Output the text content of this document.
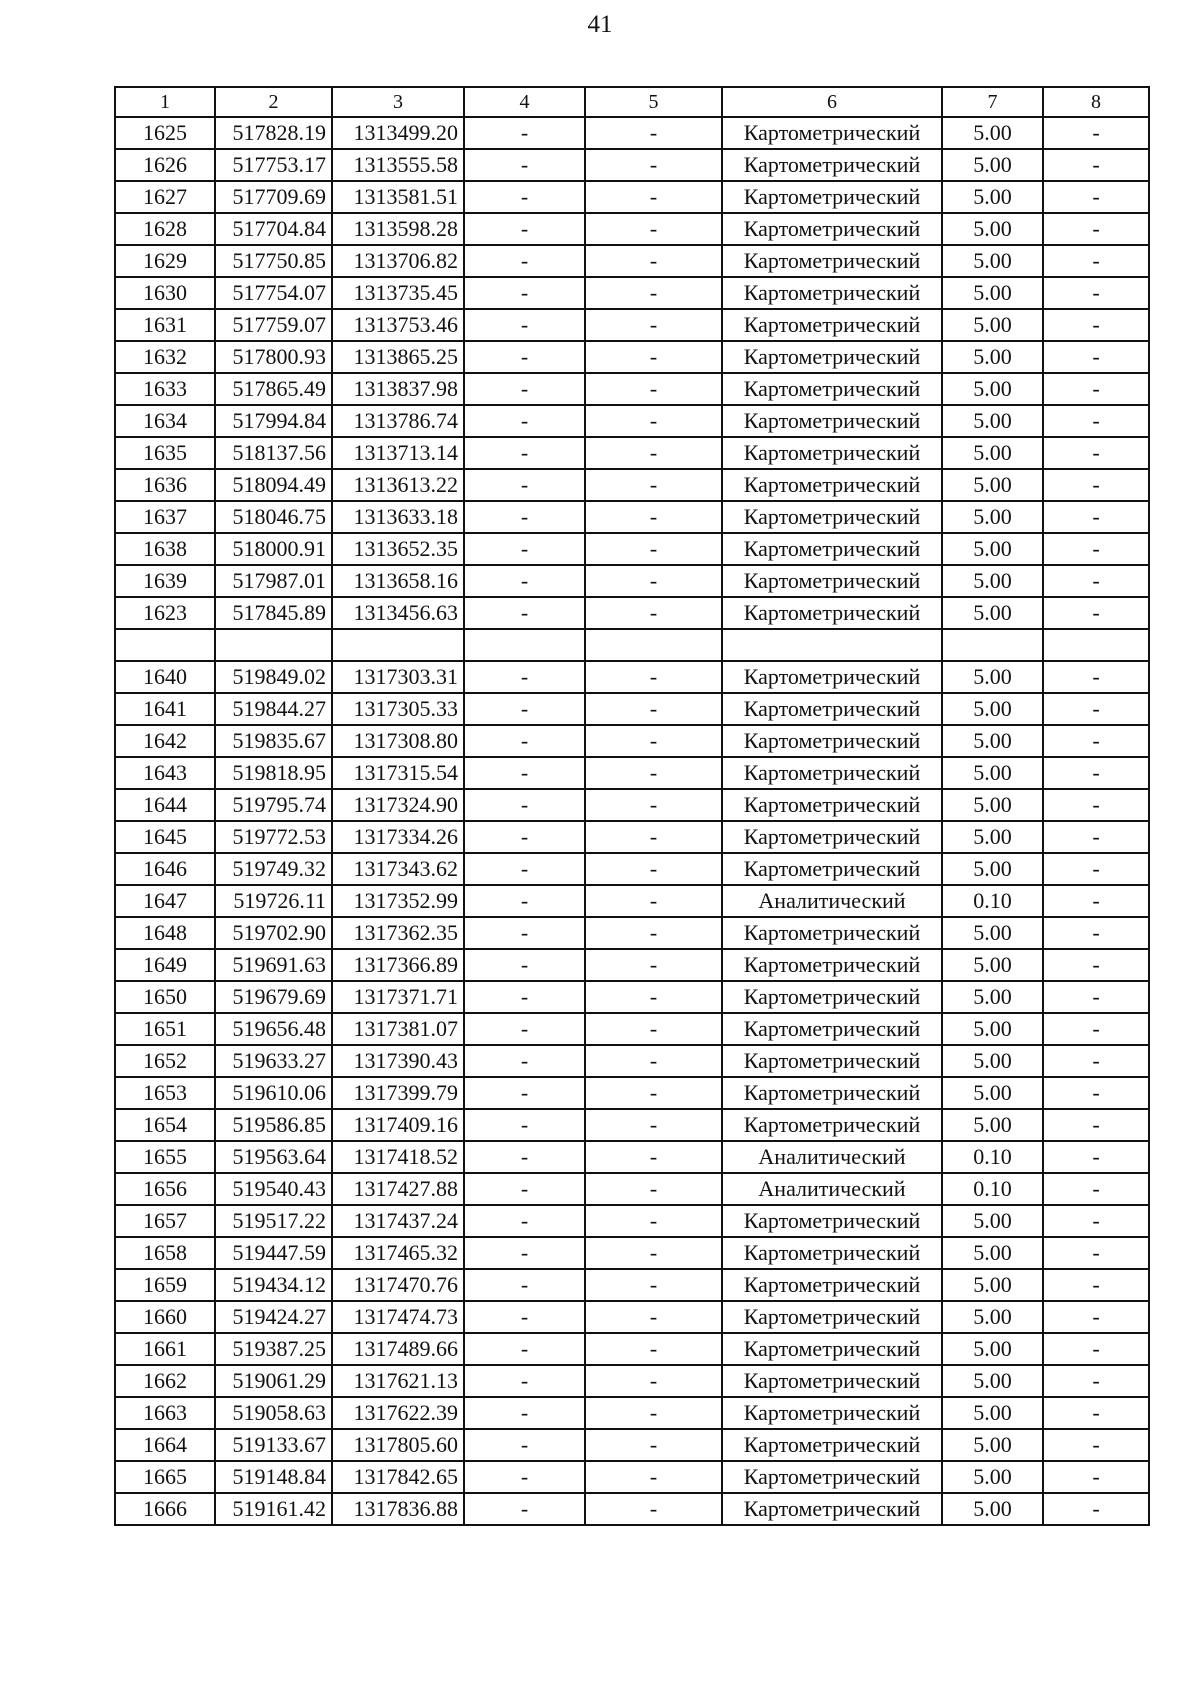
41
1	2	3	4	5	6	7	8
1625	517828.19	1313499.20	-	-	Картометрический	5.00	-
1626	517753.17	1313555.58	-	-	Картометрический	5.00	-
1627	517709.69	1313581.51	-	-	Картометрический	5.00	-
1628	517704.84	1313598.28	-	-	Картометрический	5.00	-
1629	517750.85	1313706.82	-	-	Картометрический	5.00	-
1630	517754.07	1313735.45	-	-	Картометрический	5.00	-
1631	517759.07	1313753.46	-	-	Картометрический	5.00	-
1632	517800.93	1313865.25	-	-	Картометрический	5.00	-
1633	517865.49	1313837.98	-	-	Картометрический	5.00	-
1634	517994.84	1313786.74	-	-	Картометрический	5.00	-
1635	518137.56	1313713.14	-	-	Картометрический	5.00	-
1636	518094.49	1313613.22	-	-	Картометрический	5.00	-
1637	518046.75	1313633.18	-	-	Картометрический	5.00	-
1638	518000.91	1313652.35	-	-	Картометрический	5.00	-
1639	517987.01	1313658.16	-	-	Картометрический	5.00	-
1623	517845.89	1313456.63	-	-	Картометрический	5.00	-

1640	519849.02	1317303.31	-	-	Картометрический	5.00	-
1641	519844.27	1317305.33	-	-	Картометрический	5.00	-
1642	519835.67	1317308.80	-	-	Картометрический	5.00	-
1643	519818.95	1317315.54	-	-	Картометрический	5.00	-
1644	519795.74	1317324.90	-	-	Картометрический	5.00	-
1645	519772.53	1317334.26	-	-	Картометрический	5.00	-
1646	519749.32	1317343.62	-	-	Картометрический	5.00	-
1647	519726.11	1317352.99	-	-	Аналитический	0.10	-
1648	519702.90	1317362.35	-	-	Картометрический	5.00	-
1649	519691.63	1317366.89	-	-	Картометрический	5.00	-
1650	519679.69	1317371.71	-	-	Картометрический	5.00	-
1651	519656.48	1317381.07	-	-	Картометрический	5.00	-
1652	519633.27	1317390.43	-	-	Картометрический	5.00	-
1653	519610.06	1317399.79	-	-	Картометрический	5.00	-
1654	519586.85	1317409.16	-	-	Картометрический	5.00	-
1655	519563.64	1317418.52	-	-	Аналитический	0.10	-
1656	519540.43	1317427.88	-	-	Аналитический	0.10	-
1657	519517.22	1317437.24	-	-	Картометрический	5.00	-
1658	519447.59	1317465.32	-	-	Картометрический	5.00	-
1659	519434.12	1317470.76	-	-	Картометрический	5.00	-
1660	519424.27	1317474.73	-	-	Картометрический	5.00	-
1661	519387.25	1317489.66	-	-	Картометрический	5.00	-
1662	519061.29	1317621.13	-	-	Картометрический	5.00	-
1663	519058.63	1317622.39	-	-	Картометрический	5.00	-
1664	519133.67	1317805.60	-	-	Картометрический	5.00	-
1665	519148.84	1317842.65	-	-	Картометрический	5.00	-
1666	519161.42	1317836.88	-	-	Картометрический	5.00	-
